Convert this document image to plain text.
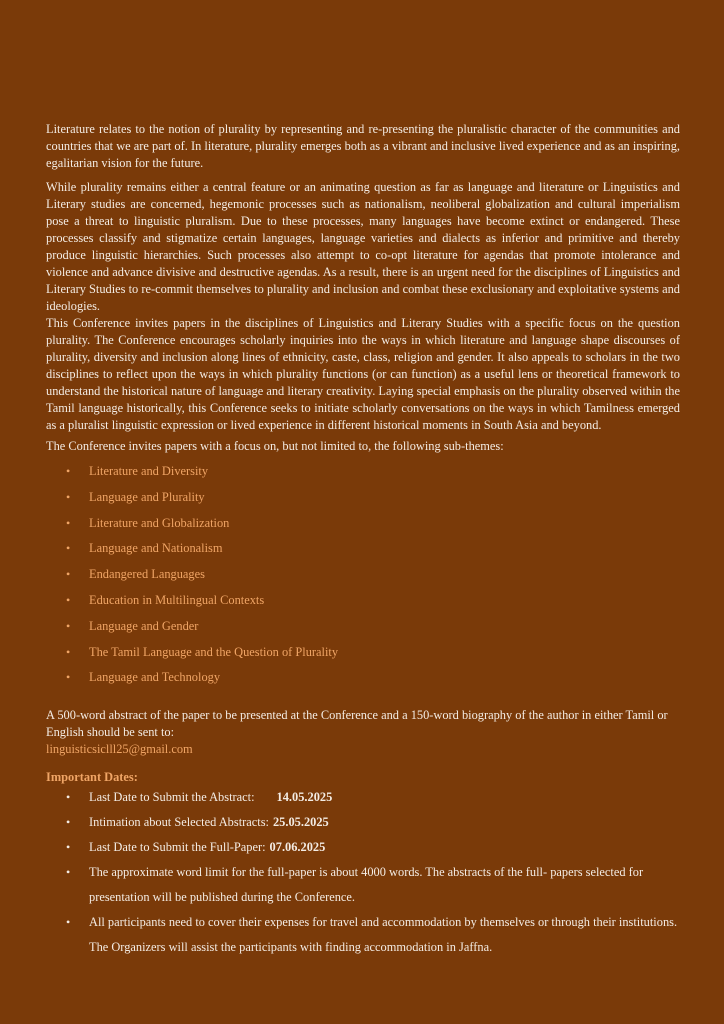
Literature relates to the notion of plurality by representing and re-presenting the pluralistic character of the communities and countries that we are part of. In literature, plurality emerges both as a vibrant and inclusive lived experience and as an inspiring, egalitarian vision for the future.

While plurality remains either a central feature or an animating question as far as language and literature or Linguistics and Literary studies are concerned, hegemonic processes such as nationalism, neoliberal globalization and cultural imperialism pose a threat to linguistic pluralism. Due to these processes, many languages have become extinct or endangered. These processes classify and stigmatize certain languages, language varieties and dialects as inferior and primitive and thereby produce linguistic hierarchies. Such processes also attempt to co-opt literature for agendas that promote intolerance and violence and advance divisive and destructive agendas. As a result, there is an urgent need for the disciplines of Linguistics and Literary Studies to re-commit themselves to plurality and inclusion and combat these exclusionary and exploitative systems and ideologies.

This Conference invites papers in the disciplines of Linguistics and Literary Studies with a specific focus on the question plurality. The Conference encourages scholarly inquiries into the ways in which literature and language shape discourses of plurality, diversity and inclusion along lines of ethnicity, caste, class, religion and gender. It also appeals to scholars in the two disciplines to reflect upon the ways in which plurality functions (or can function) as a useful lens or theoretical framework to understand the historical nature of language and literary creativity. Laying special emphasis on the plurality observed within the Tamil language historically, this Conference seeks to initiate scholarly conversations on the ways in which Tamilness emerged as a pluralist linguistic expression or lived experience in different historical moments in South Asia and beyond.

The Conference invites papers with a focus on, but not limited to, the following sub-themes:

• Literature and Diversity
• Language and Plurality
• Literature and Globalization
• Language and Nationalism
• Endangered Languages
• Education in Multilingual Contexts
• Language and Gender
• The Tamil Language and the Question of Plurality
• Language and Technology

A 500-word abstract of the paper to be presented at the Conference and a 150-word biography of the author in either Tamil or English should be sent to:
linguisticsiclll25@gmail.com

Important Dates:
• Last Date to Submit the Abstract: 14.05.2025
• Intimation about Selected Abstracts: 25.05.2025
• Last Date to Submit the Full-Paper: 07.06.2025
• The approximate word limit for the full-paper is about 4000 words. The abstracts of the full- papers selected for presentation will be published during the Conference.
• All participants need to cover their expenses for travel and accommodation by themselves or through their institutions. The Organizers will assist the participants with finding accommodation in Jaffna.
